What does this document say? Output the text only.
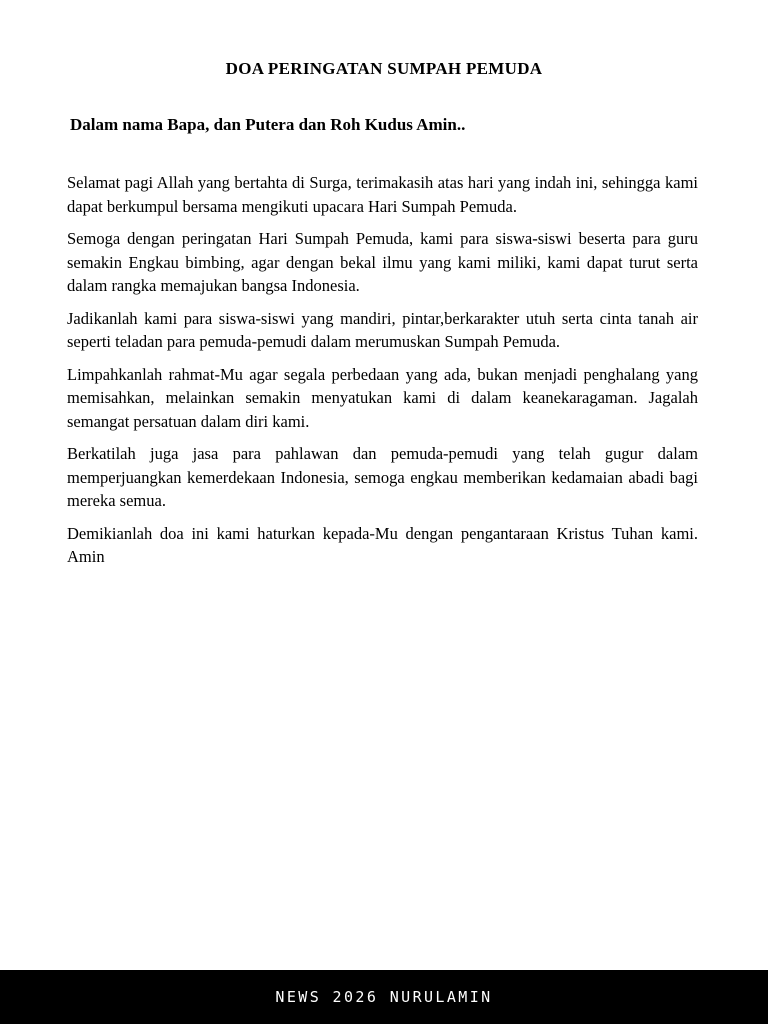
DOA PERINGATAN SUMPAH PEMUDA

Dalam nama Bapa, dan Putera dan Roh Kudus Amin..

Selamat pagi Allah yang bertahta di Surga, terimakasih atas hari yang indah ini, sehingga kami dapat berkumpul bersama mengikuti upacara Hari Sumpah Pemuda.

Semoga dengan peringatan Hari Sumpah Pemuda, kami para siswa-siswi beserta para guru semakin Engkau bimbing, agar dengan bekal ilmu yang kami miliki, kami dapat turut serta  dalam rangka memajukan bangsa Indonesia.

Jadikanlah kami para siswa-siswi yang mandiri, pintar,berkarakter utuh serta cinta tanah air  seperti teladan para pemuda-pemudi dalam merumuskan Sumpah Pemuda.

Limpahkanlah rahmat-Mu agar segala perbedaan yang ada, bukan menjadi penghalang yang memisahkan, melainkan semakin menyatukan kami di dalam keanekaragaman. Jagalah semangat persatuan dalam diri kami.

Berkatilah juga jasa para pahlawan dan pemuda-pemudi yang telah gugur dalam memperjuangkan kemerdekaan Indonesia, semoga engkau memberikan kedamaian abadi bagi mereka semua.

Demikianlah doa ini kami haturkan kepada-Mu dengan pengantaraan Kristus Tuhan kami. Amin

NEWS 2026 NURULAMIN
